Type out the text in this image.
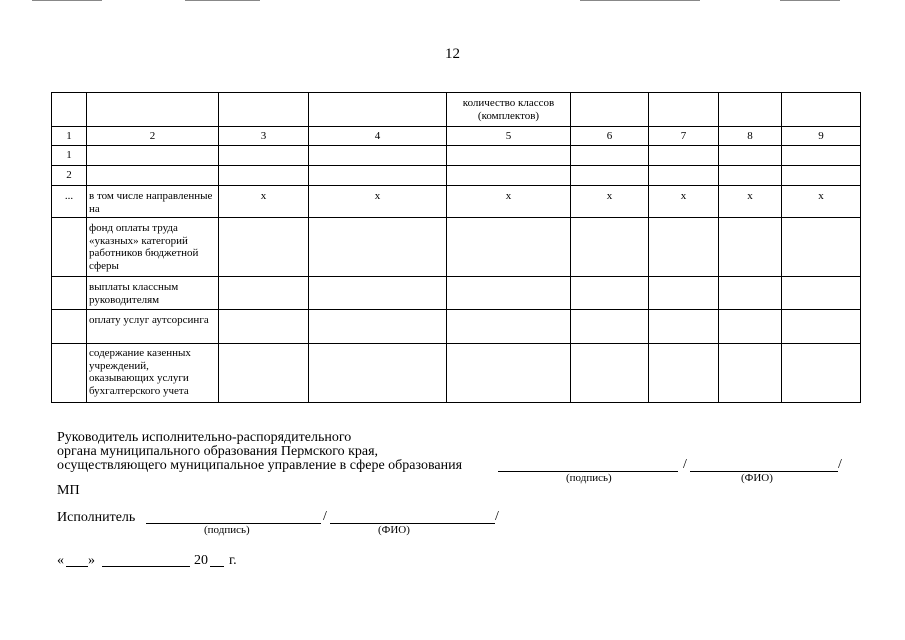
12
				количество классов (комплектов)				
1	2	3	4	5	6	7	8	9
1								
2								
...	в том числе направленные на	x	x	x	x	x	x	x
	фонд оплаты труда «указных» категорий работников бюджетной сферы							
	выплаты классным руководителям							
	оплату услуг аутсорсинга							
	содержание казенных учреждений, оказывающих услуги бухгалтерского учета							
Руководитель исполнительно-распорядительного
органа муниципального образования Пермского края,
осуществляющего муниципальное управление в сфере образования	/	/
(подпись)	(ФИО)
МП
Исполнитель	/	/
(подпись)	(ФИО)
« »	20 г.
